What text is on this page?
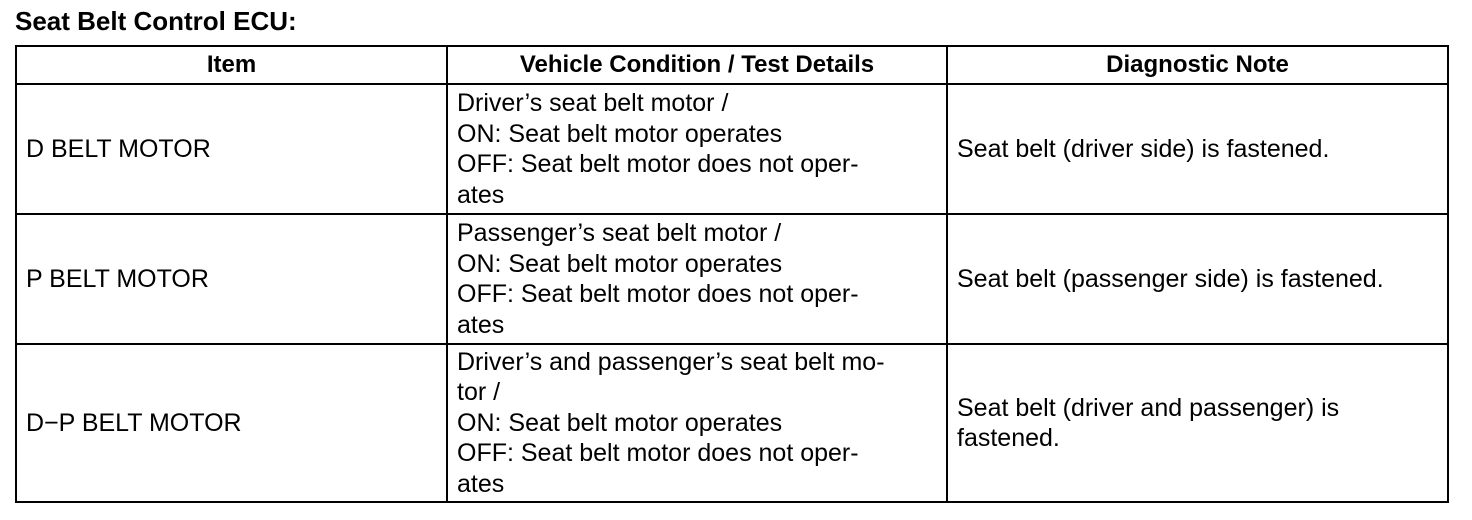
Seat Belt Control ECU:
Item	Vehicle Condition / Test Details	Diagnostic Note
D BELT MOTOR	Driver’s seat belt motor /
ON: Seat belt motor operates
OFF: Seat belt motor does not oper-
ates	Seat belt (driver side) is fastened.
P BELT MOTOR	Passenger’s seat belt motor /
ON: Seat belt motor operates
OFF: Seat belt motor does not oper-
ates	Seat belt (passenger side) is fastened.
D−P BELT MOTOR	Driver’s and passenger’s seat belt mo-
tor /
ON: Seat belt motor operates
OFF: Seat belt motor does not oper-
ates	Seat belt (driver and passenger) is fastened.
